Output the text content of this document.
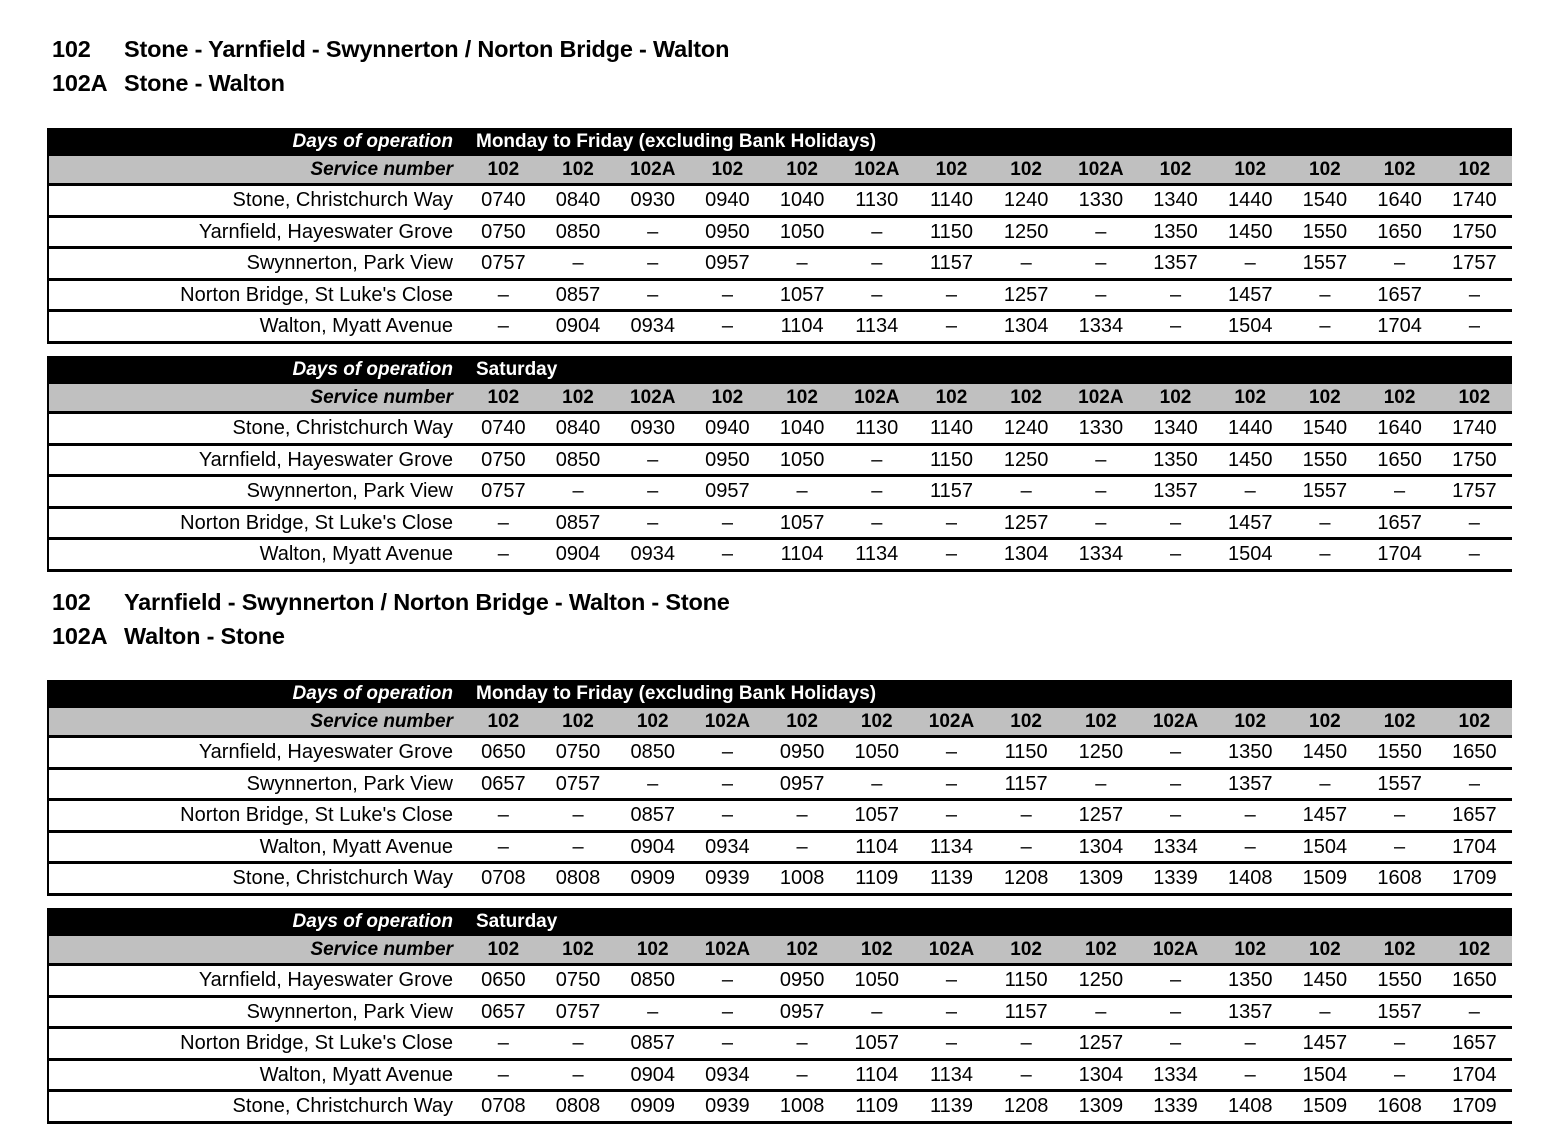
102	Stone - Yarnfield - Swynnerton / Norton Bridge - Walton
102A Stone - Walton
Days of operation	Monday to Friday (excluding Bank Holidays)													
Service number	102	102	102A	102	102	102A	102	102	102A	102	102	102	102	102
Stone, Christchurch Way	0740	0840	0930	0940	1040	1130	1140	1240	1330	1340	1440	1540	1640	1740
Yarnfield, Hayeswater Grove	0750	0850	–	0950	1050	–	1150	1250	–	1350	1450	1550	1650	1750
Swynnerton, Park View	0757	–	–	0957	–	–	1157	–	–	1357	–	1557	–	1757
Norton Bridge, St Luke's Close	–	0857	–	–	1057	–	–	1257	–	–	1457	–	1657	–
Walton, Myatt Avenue	–	0904	0934	–	1104	1134	–	1304	1334	–	1504	–	1704	–
Days of operation	Saturday													
Service number	102	102	102A	102	102	102A	102	102	102A	102	102	102	102	102
Stone, Christchurch Way	0740	0840	0930	0940	1040	1130	1140	1240	1330	1340	1440	1540	1640	1740
Yarnfield, Hayeswater Grove	0750	0850	–	0950	1050	–	1150	1250	–	1350	1450	1550	1650	1750
Swynnerton, Park View	0757	–	–	0957	–	–	1157	–	–	1357	–	1557	–	1757
Norton Bridge, St Luke's Close	–	0857	–	–	1057	–	–	1257	–	–	1457	–	1657	–
Walton, Myatt Avenue	–	0904	0934	–	1104	1134	–	1304	1334	–	1504	–	1704	–
102	Yarnfield - Swynnerton / Norton Bridge - Walton - Stone
102A Walton - Stone
Days of operation	Monday to Friday (excluding Bank Holidays)													
Service number	102	102	102	102A	102	102	102A	102	102	102A	102	102	102	102
Yarnfield, Hayeswater Grove	0650	0750	0850	–	0950	1050	–	1150	1250	–	1350	1450	1550	1650
Swynnerton, Park View	0657	0757	–	–	0957	–	–	1157	–	–	1357	–	1557	–
Norton Bridge, St Luke's Close	–	–	0857	–	–	1057	–	–	1257	–	–	1457	–	1657
Walton, Myatt Avenue	–	–	0904	0934	–	1104	1134	–	1304	1334	–	1504	–	1704
Stone, Christchurch Way	0708	0808	0909	0939	1008	1109	1139	1208	1309	1339	1408	1509	1608	1709
Days of operation	Saturday													
Service number	102	102	102	102A	102	102	102A	102	102	102A	102	102	102	102
Yarnfield, Hayeswater Grove	0650	0750	0850	–	0950	1050	–	1150	1250	–	1350	1450	1550	1650
Swynnerton, Park View	0657	0757	–	–	0957	–	–	1157	–	–	1357	–	1557	–
Norton Bridge, St Luke's Close	–	–	0857	–	–	1057	–	–	1257	–	–	1457	–	1657
Walton, Myatt Avenue	–	–	0904	0934	–	1104	1134	–	1304	1334	–	1504	–	1704
Stone, Christchurch Way	0708	0808	0909	0939	1008	1109	1139	1208	1309	1339	1408	1509	1608	1709
